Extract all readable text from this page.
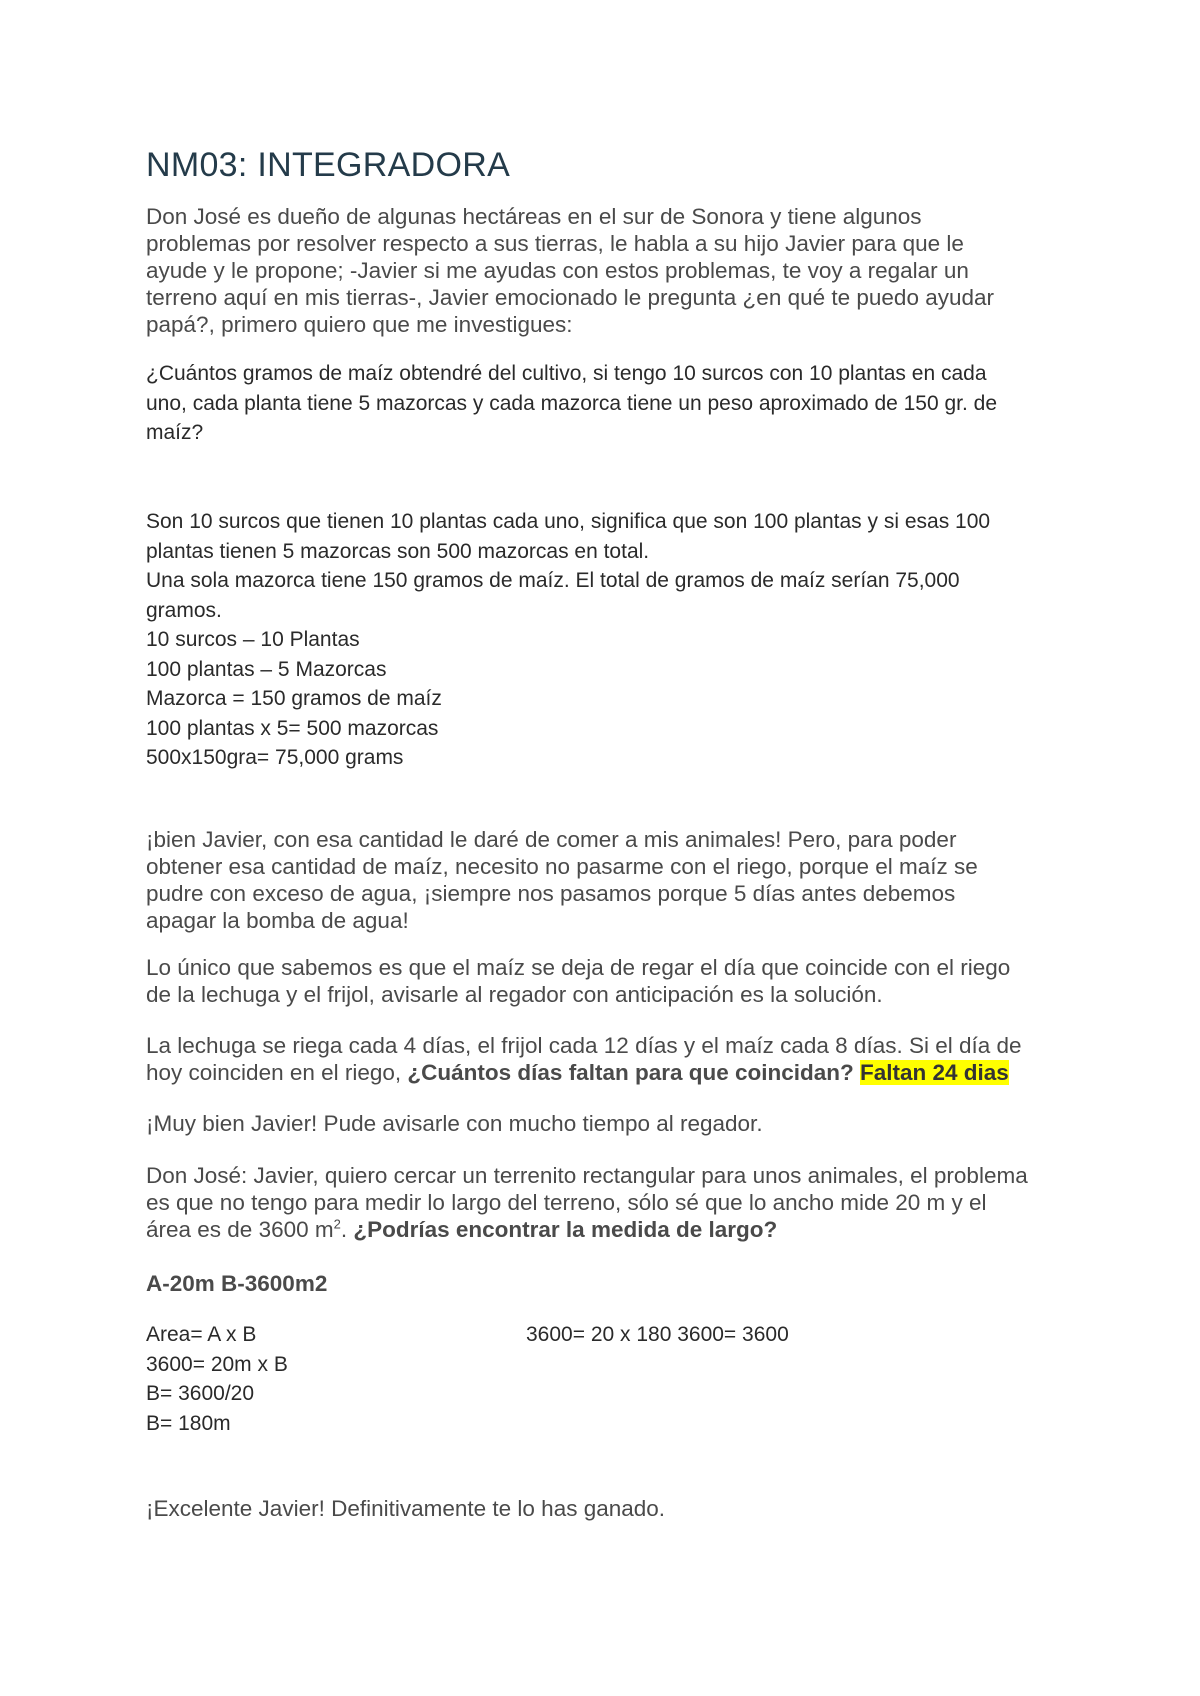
NM03: INTEGRADORA
Don José es dueño de algunas hectáreas en el sur de Sonora y tiene algunos
problemas por resolver respecto a sus tierras, le habla a su hijo Javier para que le
ayude y le propone; -Javier si me ayudas con estos problemas, te voy a regalar un
terreno aquí en mis tierras-, Javier emocionado le pregunta ¿en qué te puedo ayudar
papá?, primero quiero que me investigues:
¿Cuántos gramos de maíz obtendré del cultivo, si tengo 10 surcos con 10 plantas en cada
uno, cada planta tiene 5 mazorcas y cada mazorca tiene un peso aproximado de 150 gr. de
maíz?
Son 10 surcos que tienen 10 plantas cada uno, significa que son 100 plantas y si esas 100
plantas tienen 5 mazorcas son 500 mazorcas en total.
Una sola mazorca tiene 150 gramos de maíz. El total de gramos de maíz serían 75,000
gramos.
10 surcos – 10 Plantas
100 plantas – 5 Mazorcas
Mazorca = 150 gramos de maíz
100 plantas x 5= 500 mazorcas
500x150gra= 75,000 grams
¡bien Javier, con esa cantidad le daré de comer a mis animales! Pero, para poder
obtener esa cantidad de maíz, necesito no pasarme con el riego, porque el maíz se
pudre con exceso de agua, ¡siempre nos pasamos porque 5 días antes debemos
apagar la bomba de agua!
Lo único que sabemos es que el maíz se deja de regar el día que coincide con el riego
de la lechuga y el frijol, avisarle al regador con anticipación es la solución.
La lechuga se riega cada 4 días, el frijol cada 12 días y el maíz cada 8 días. Si el día de
hoy coinciden en el riego, ¿Cuántos días faltan para que coincidan? Faltan 24 dias
¡Muy bien Javier! Pude avisarle con mucho tiempo al regador.
Don José: Javier, quiero cercar un terrenito rectangular para unos animales, el problema
es que no tengo para medir lo largo del terreno, sólo sé que lo ancho mide 20 m y el
área es de 3600 $m^2$. ¿Podrías encontrar la medida de largo?
A-20m B-3600m2
Area= A x B
3600= 20m x B
B= 3600/20
B= 180m
3600= 20 x 180 3600= 3600
¡Excelente Javier! Definitivamente te lo has ganado.
